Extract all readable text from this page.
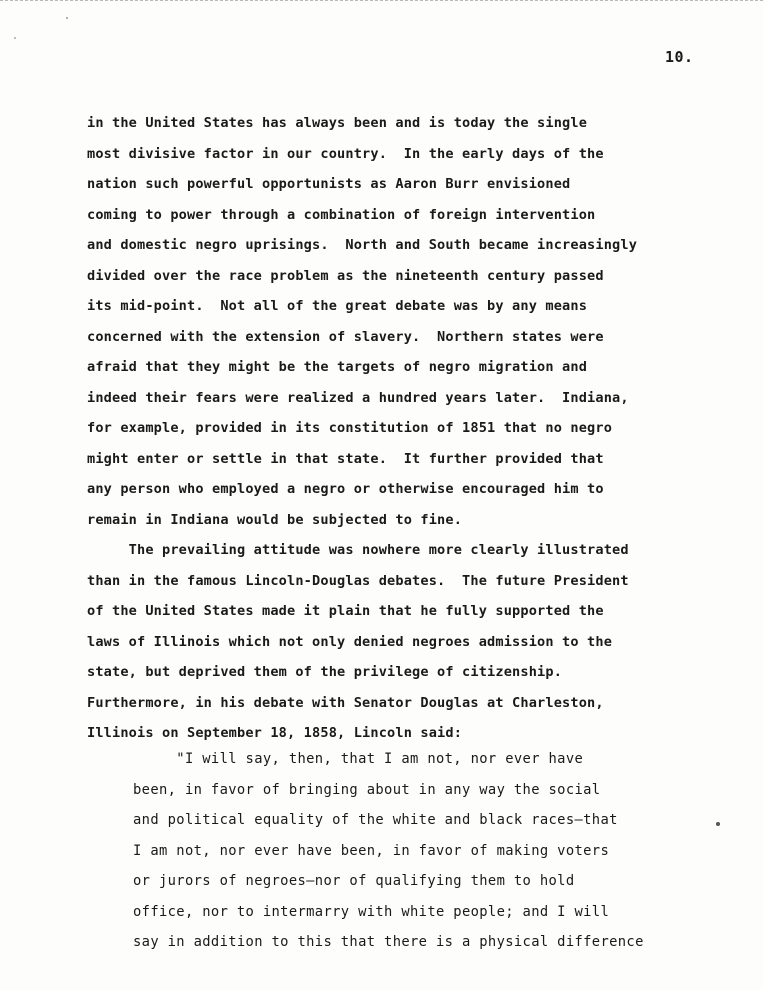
10.
in the United States has always been and is today the single
most divisive factor in our country.  In the early days of the
nation such powerful opportunists as Aaron Burr envisioned
coming to power through a combination of foreign intervention
and domestic negro uprisings.  North and South became increasingly
divided over the race problem as the nineteenth century passed
its mid-point.  Not all of the great debate was by any means
concerned with the extension of slavery.  Northern states were
afraid that they might be the targets of negro migration and
indeed their fears were realized a hundred years later.  Indiana,
for example, provided in its constitution of 1851 that no negro
might enter or settle in that state.  It further provided that
any person who employed a negro or otherwise encouraged him to
remain in Indiana would be subjected to fine.
The prevailing attitude was nowhere more clearly illustrated
than in the famous Lincoln-Douglas debates.  The future President
of the United States made it plain that he fully supported the
laws of Illinois which not only denied negroes admission to the
state, but deprived them of the privilege of citizenship.
Furthermore, in his debate with Senator Douglas at Charleston,
Illinois on September 18, 1858, Lincoln said:
"I will say, then, that I am not, nor ever have
been, in favor of bringing about in any way the social
and political equality of the white and black races—that
I am not, nor ever have been, in favor of making voters
or jurors of negroes—nor of qualifying them to hold
office, nor to intermarry with white people; and I will
say in addition to this that there is a physical difference
